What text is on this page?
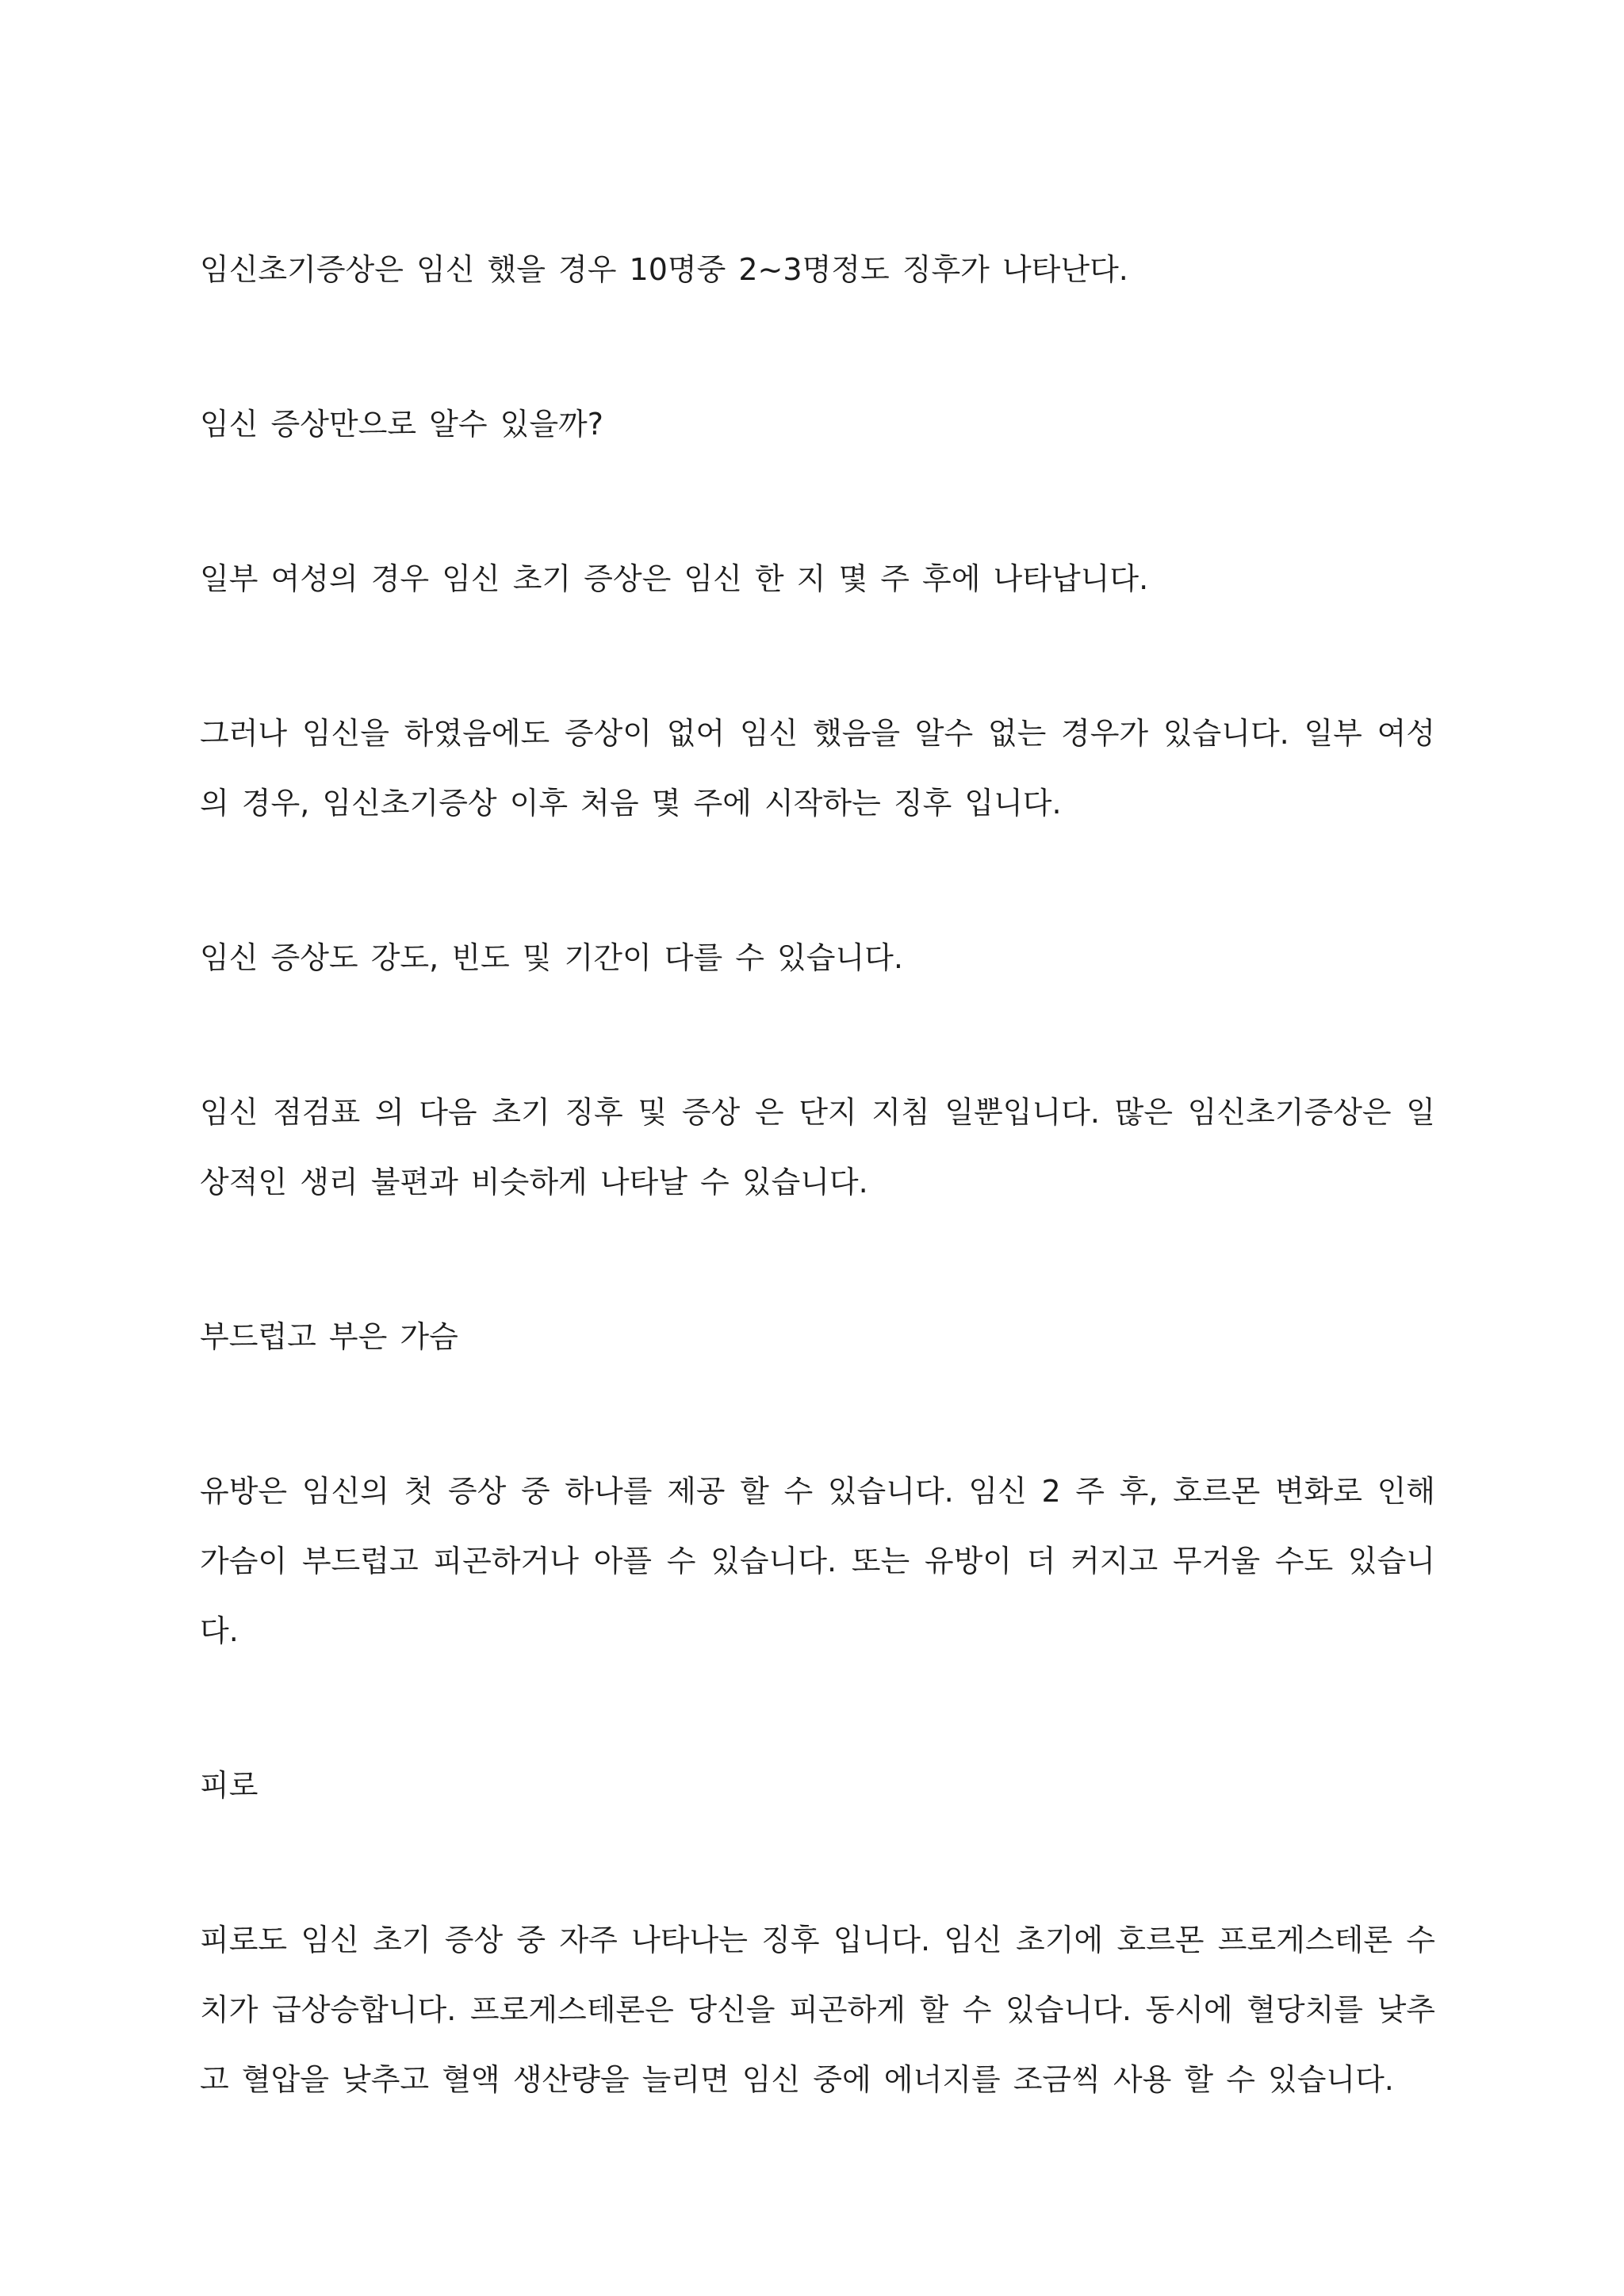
임신초기증상은 임신 했을 경우 10명중 2~3명정도 징후가 나타난다.

임신 증상만으로 알수 있을까?

일부 여성의 경우 임신 초기 증상은 임신 한 지 몇 주 후에 나타납니다.

그러나 임신을 하였음에도 증상이 없어 임신 했음을 알수 없는 경우가 있습니다. 일부 여성의 경우, 임신초기증상 이후 처음 몇 주에 시작하는 징후 입니다.

임신 증상도 강도, 빈도 및 기간이 다를 수 있습니다.

임신 점검표 의 다음 초기 징후 및 증상 은 단지 지침 일뿐입니다. 많은 임신초기증상은 일상적인 생리 불편과 비슷하게 나타날 수 있습니다.

부드럽고 부은 가슴

유방은 임신의 첫 증상 중 하나를 제공 할 수 있습니다. 임신 2 주 후, 호르몬 변화로 인해 가슴이 부드럽고 피곤하거나 아플 수 있습니다. 또는 유방이 더 커지고 무거울 수도 있습니다.

피로

피로도 임신 초기 증상 중 자주 나타나는 징후 입니다. 임신 초기에 호르몬 프로게스테론 수치가 급상승합니다. 프로게스테론은 당신을 피곤하게 할 수 있습니다. 동시에 혈당치를 낮추고 혈압을 낮추고 혈액 생산량을 늘리면 임신 중에 에너지를 조금씩 사용 할 수 있습니다.
